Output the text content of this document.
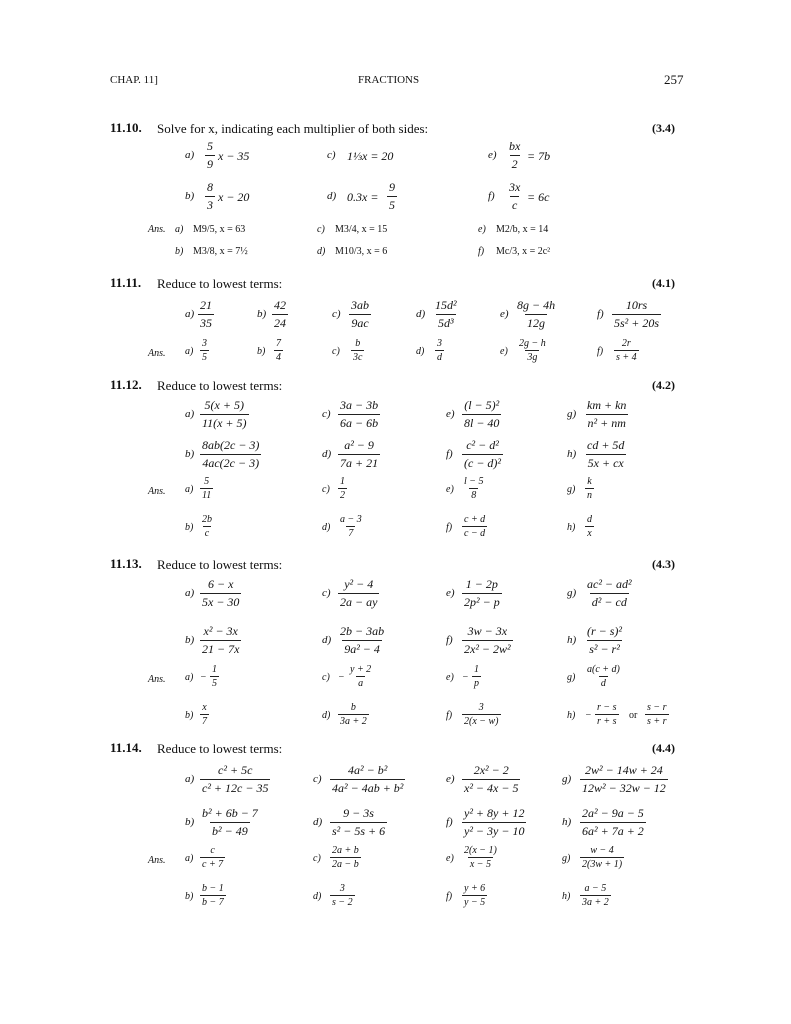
CHAP. 11]	FRACTIONS	257
11.10. Solve for x, indicating each multiplier of both sides:	(3.4)
11.11. Reduce to lowest terms:	(4.1)
11.12. Reduce to lowest terms:	(4.2)
11.13. Reduce to lowest terms:	(4.3)
11.14. Reduce to lowest terms:	(4.4)
Ans.
Ans.
Ans.
Ans.
Ans.
$a) \frac{5}{9}$ x − 35	c) 1⅓x = 20	$e) \frac{bx}{2} = 7b$
$b) \frac{8}{3}$ x − 20	d) $0.3x = \frac{9}{5}$	$f) \frac{3x}{c} = 6c$
a) M9/5, x = 63	c) M3/4, x = 15	e) M2/b, x = 14
b) M3/8, x = 7½	d) M10/3, x = 6	f) Mc/3, x = 2c²
$a) \frac{21}{35}$	$b) \frac{42}{24}$	$c) \frac{3ab}{9ac}$	$d) \frac{\text{15d²}}{\text{5d³}}$	$e) \frac{8g - 4h}{12g}$	$f) \frac{10rs}{\text{5s² + 20s}}$
$a) \frac{3}{5}$	$b) \frac{7}{4}$	$c) \frac{b}{3c}$	$d) \frac{3}{d}$	$e) \frac{2g - h}{3g}$	$f) \frac{2r}{s + 4}$
$a) \frac{5(x + 5)}{11(x + 5)}$	$c) \frac{3a - 3b}{6a - 6b}$	$e) \frac{\text{(l − 5)²}}{8l - 40}$	$g) \frac{km + kn}{\text{n² + nm}}$
$b) \frac{8ab(2c - 3)}{4ac(2c - 3)}$	$d) \frac{\text{a² − 9}}{7a + 21}$	$f) \frac{\text{c² − d²}}{\text{(c − d)²}}$	$h) \frac{cd + 5d}{5x + cx}$
$a) \frac{5}{11}$	$c) \frac{1}{2}$	$e) \frac{l - 5}{8}$	$g) \frac{k}{n}$
$b) \frac{2b}{c}$	$d) \frac{a - 3}{7}$	$f) \frac{c + d}{c - d}$	$h) \frac{d}{x}$
$a) \frac{6 - x}{5x - 30}$	$c) \frac{\text{y² − 4}}{2a - ay}$	$e) \frac{1 - 2p}{\text{2p² − p}}$	$g) \frac{\text{ac² − ad²}}{\text{d² − cd}}$
$b) \frac{\text{x² − 3x}}{21 - 7x}$	$d) \frac{2b - 3ab}{\text{9a² − 4}}$	$f) \frac{3w - 3x}{\text{2x² − 2w²}}$	$h) \frac{\text{(r − s)²}}{\text{s² − r²}}$
$a) - \frac{1}{5}$	$c) - \frac{y + 2}{a}$	$e) - \frac{1}{p}$	$g) \frac{a(c + d)}{d}$
$b) \frac{x}{7}$	$d) \frac{b}{3a + 2}$	$f) \frac{3}{2(x - w)}$	$h) - \frac{r - s}{r + s}$ or $\frac{s - r}{s + r}$
$a) \frac{\text{c² + 5c}}{\text{c² + 12c − 35}}$	$c) \frac{\text{4a² − b²}}{\text{4a² − 4ab + b²}}$	$e) \frac{\text{2x² − 2}}{\text{x² − 4x − 5}}$	$g) \frac{\text{2w² − 14w + 24}}{\text{12w² − 32w − 12}}$
$b) \frac{\text{b² + 6b − 7}}{\text{b² − 49}}$	$d) \frac{9 - 3s}{\text{s² − 5s + 6}}$	$f) \frac{\text{y² + 8y + 12}}{\text{y² − 3y − 10}}$	$h) \frac{\text{2a² − 9a − 5}}{\text{6a² + 7a + 2}}$
$a) \frac{c}{c + 7}$	$c) \frac{2a + b}{2a - b}$	$e) \frac{2(x - 1)}{x - 5}$	$g) \frac{w - 4}{2(3w + 1)}$
$b) \frac{b - 1}{b - 7}$	$d) \frac{3}{s - 2}$	$f) \frac{y + 6}{y - 5}$	$h) \frac{a - 5}{3a + 2}$
